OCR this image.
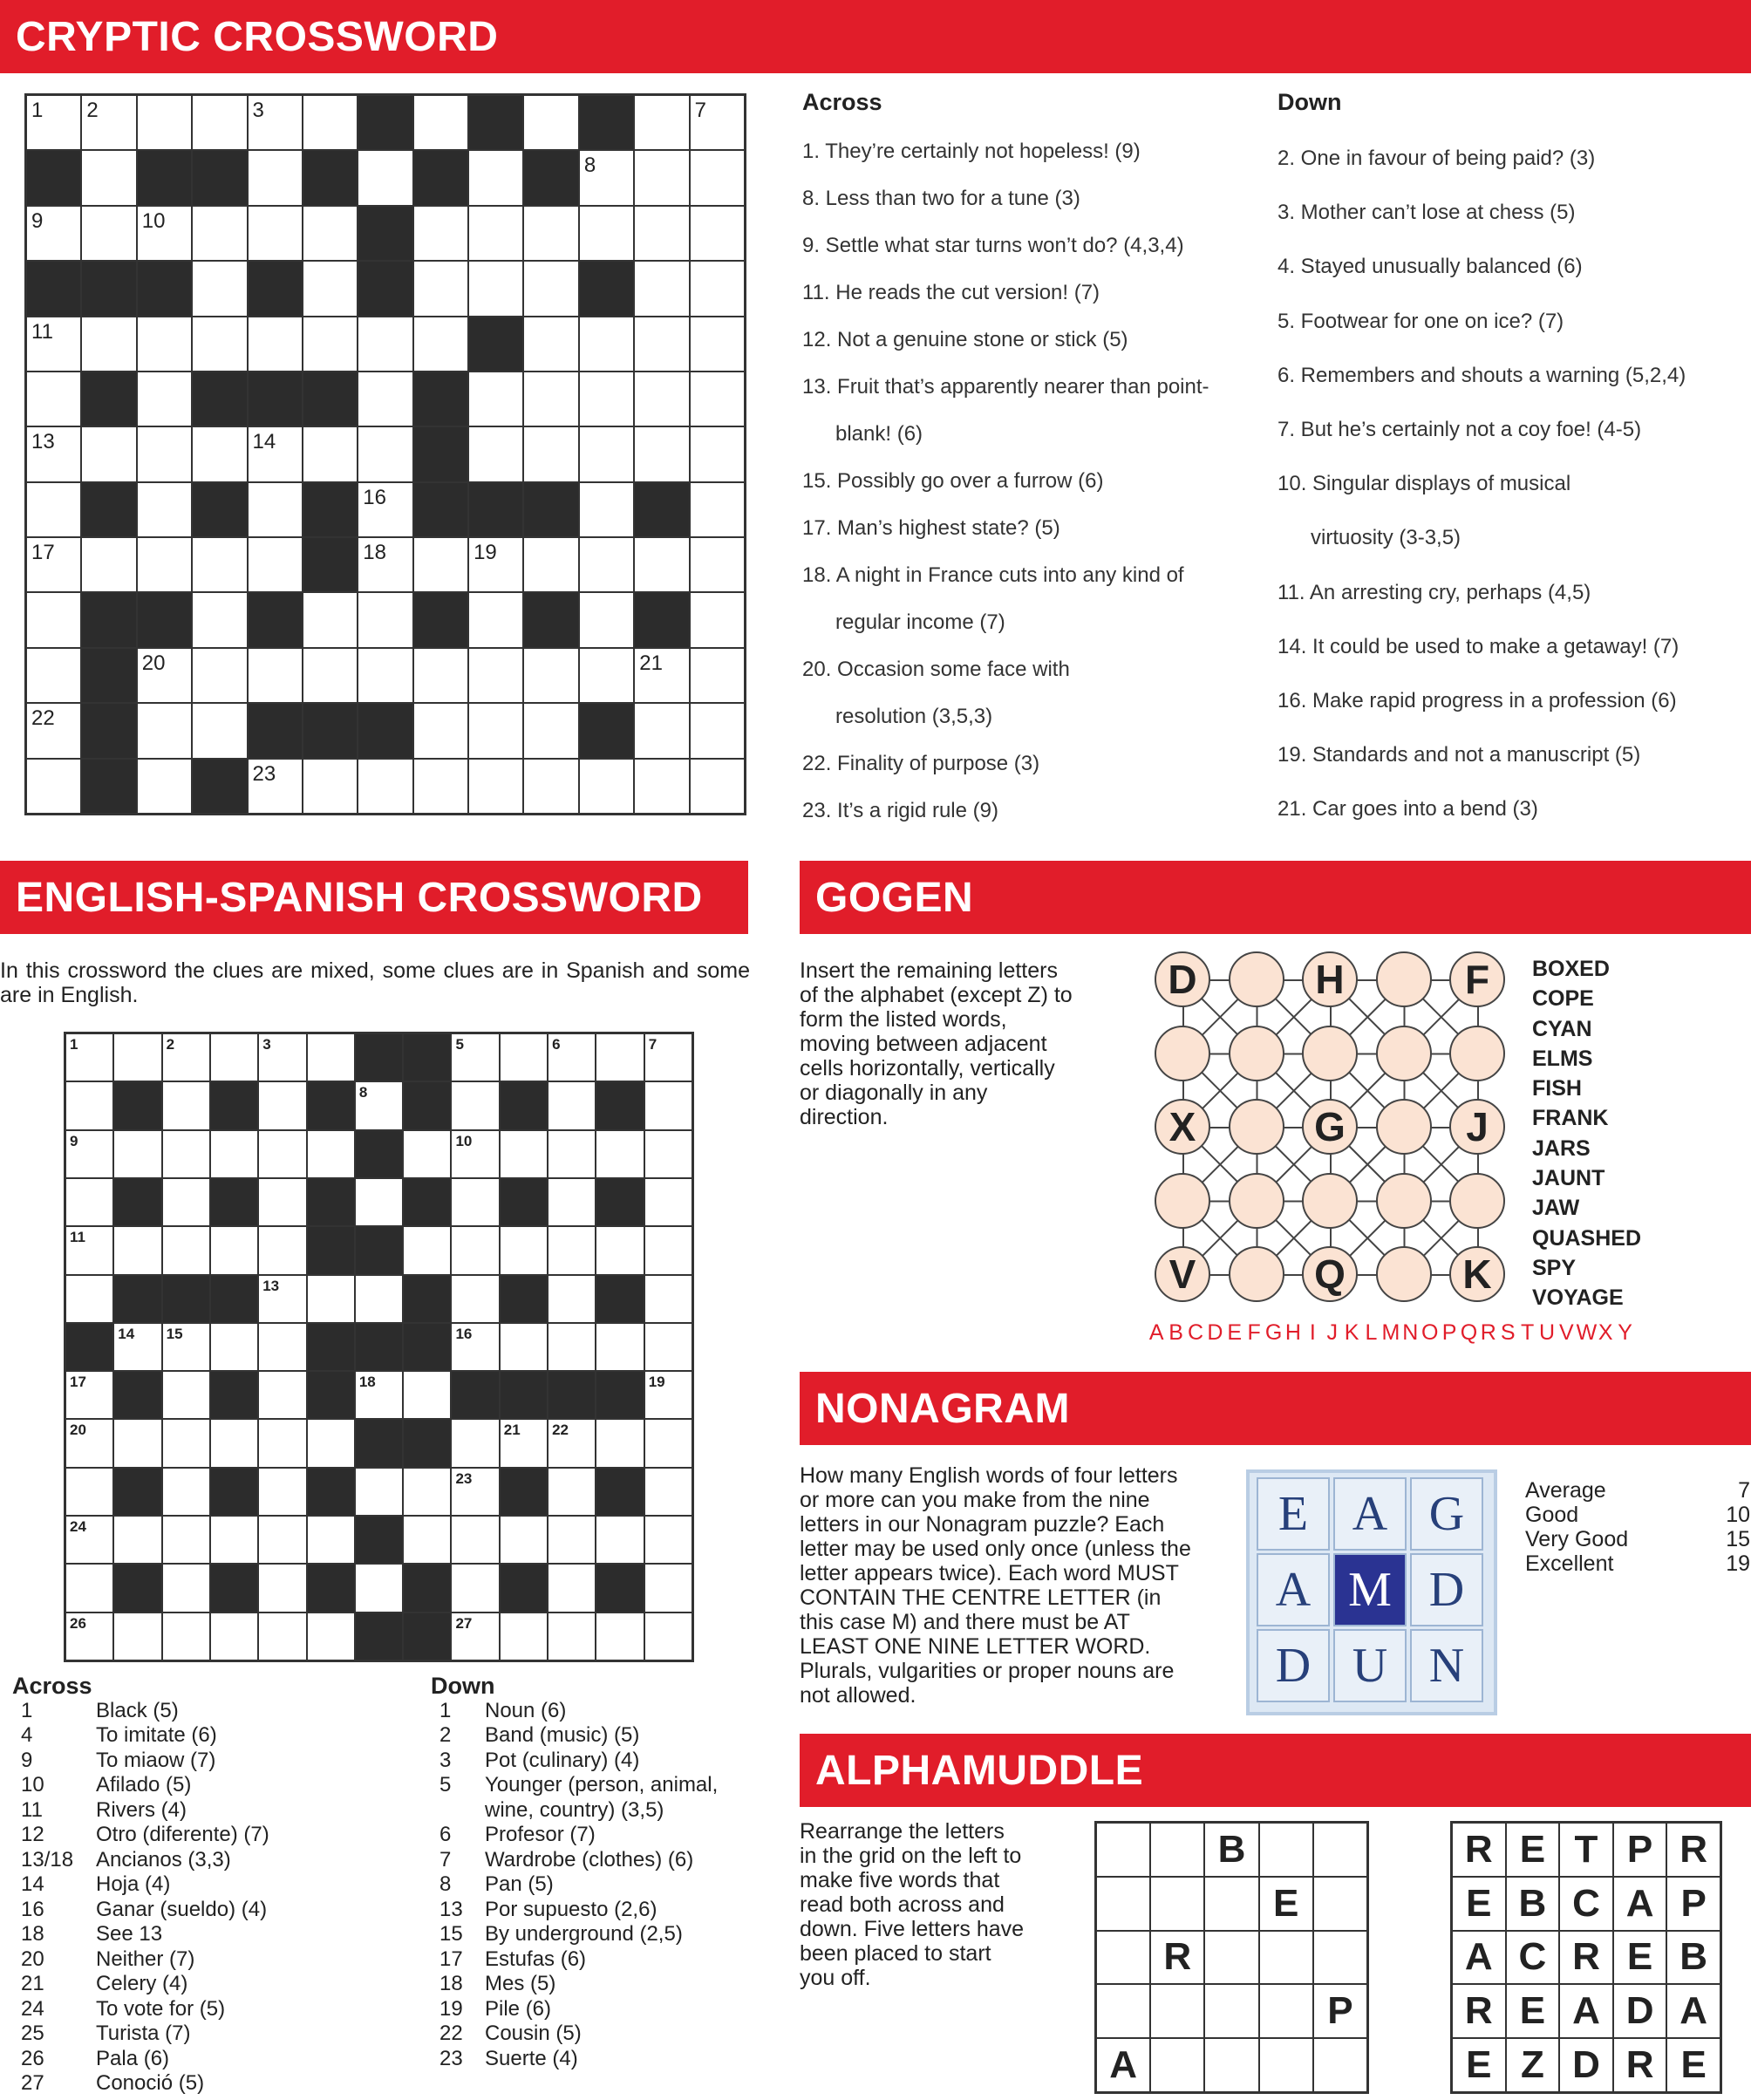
CRYPTIC CROSSWORD
1 2	3	7
8
9	10
11
13	14
16
17	18	19
20	21
22
23
Across
1. They’re certainly not hopeless! (9)
8. Less than two for a tune (3)
9. Settle what star turns won’t do? (4,3,4)
11. He reads the cut version! (7)
12. Not a genuine stone or stick (5)
13. Fruit that’s apparently nearer than point-
blank! (6)
15. Possibly go over a furrow (6)
17. Man’s highest state? (5)
18. A night in France cuts into any kind of
regular income (7)
20. Occasion some face with
resolution (3,5,3)
22. Finality of purpose (3)
23. It’s a rigid rule (9)
Down
2. One in favour of being paid? (3)
3. Mother can’t lose at chess (5)
4. Stayed unusually balanced (6)
5. Footwear for one on ice? (7)
6. Remembers and shouts a warning (5,2,4)
7. But he’s certainly not a coy foe! (4-5)
10. Singular displays of musical
virtuosity (3-3,5)
11. An arresting cry, perhaps (4,5)
14. It could be used to make a getaway! (7)
16. Make rapid progress in a profession (6)
19. Standards and not a manuscript (5)
21. Car goes into a bend (3)
ENGLISH-SPANISH CROSSWORD
In this crossword the clues are mixed, some clues are in Spanish and some are in English.
1	2	3	5	6	7
8
9	10
11
13
14 15	16
17	18	19
20	21 22
23
24
26	27
Across
1	Black (5)
4	To imitate (6)
9	To miaow (7)
10	Afilado (5)
11	Rivers (4)
12	Otro (diferente) (7)
13/18	Ancianos (3,3)
14	Hoja (4)
16	Ganar (sueldo) (4)
18	See 13
20	Neither (7)
21	Celery (4)
24	To vote for (5)
25	Turista (7)
26	Pala (6)
27	Conoció (5)
Down
1	Noun (6)
2	Band (music) (5)
3	Pot (culinary) (4)
5	Younger (person, animal,
wine, country) (3,5)
6	Profesor (7)
7	Wardrobe (clothes) (6)
8	Pan (5)
13	Por supuesto (2,6)
15	By underground (2,5)
17	Estufas (6)
18	Mes (5)
19	Pile (6)
22	Cousin (5)
23	Suerte (4)
GOGEN
Insert the remaining letters of the alphabet (except Z) to form the listed words, moving between adjacent cells horizontally, vertically or diagonally in any direction.
D	H	F
X	G	J
V	Q	K
BOXED
COPE
CYAN
ELMS
FISH
FRANK
JARS
JAUNT
JAW
QUASHED
SPY
VOYAGE
A B C D E F G H I J K L M N O P Q R S T U V WX Y
NONAGRAM
How many English words of four letters or more can you make from the nine letters in our Nonagram puzzle? Each letter may be used only once (unless the letter appears twice). Each word MUST CONTAIN THE CENTRE LETTER (in this case M) and there must be AT LEAST ONE NINE LETTER WORD. Plurals, vulgarities or proper nouns are not allowed.
E A G
A M D
D U N
Average	7
Good	10
Very Good	15
Excellent	19
ALPHAMUDDLE
Rearrange the letters in the grid on the left to make five words that read both across and down. Five letters have been placed to start you off.
B
E
R
P
A
R E T P R
E B C A P
A C R E B
R E A D A
E Z D R E
